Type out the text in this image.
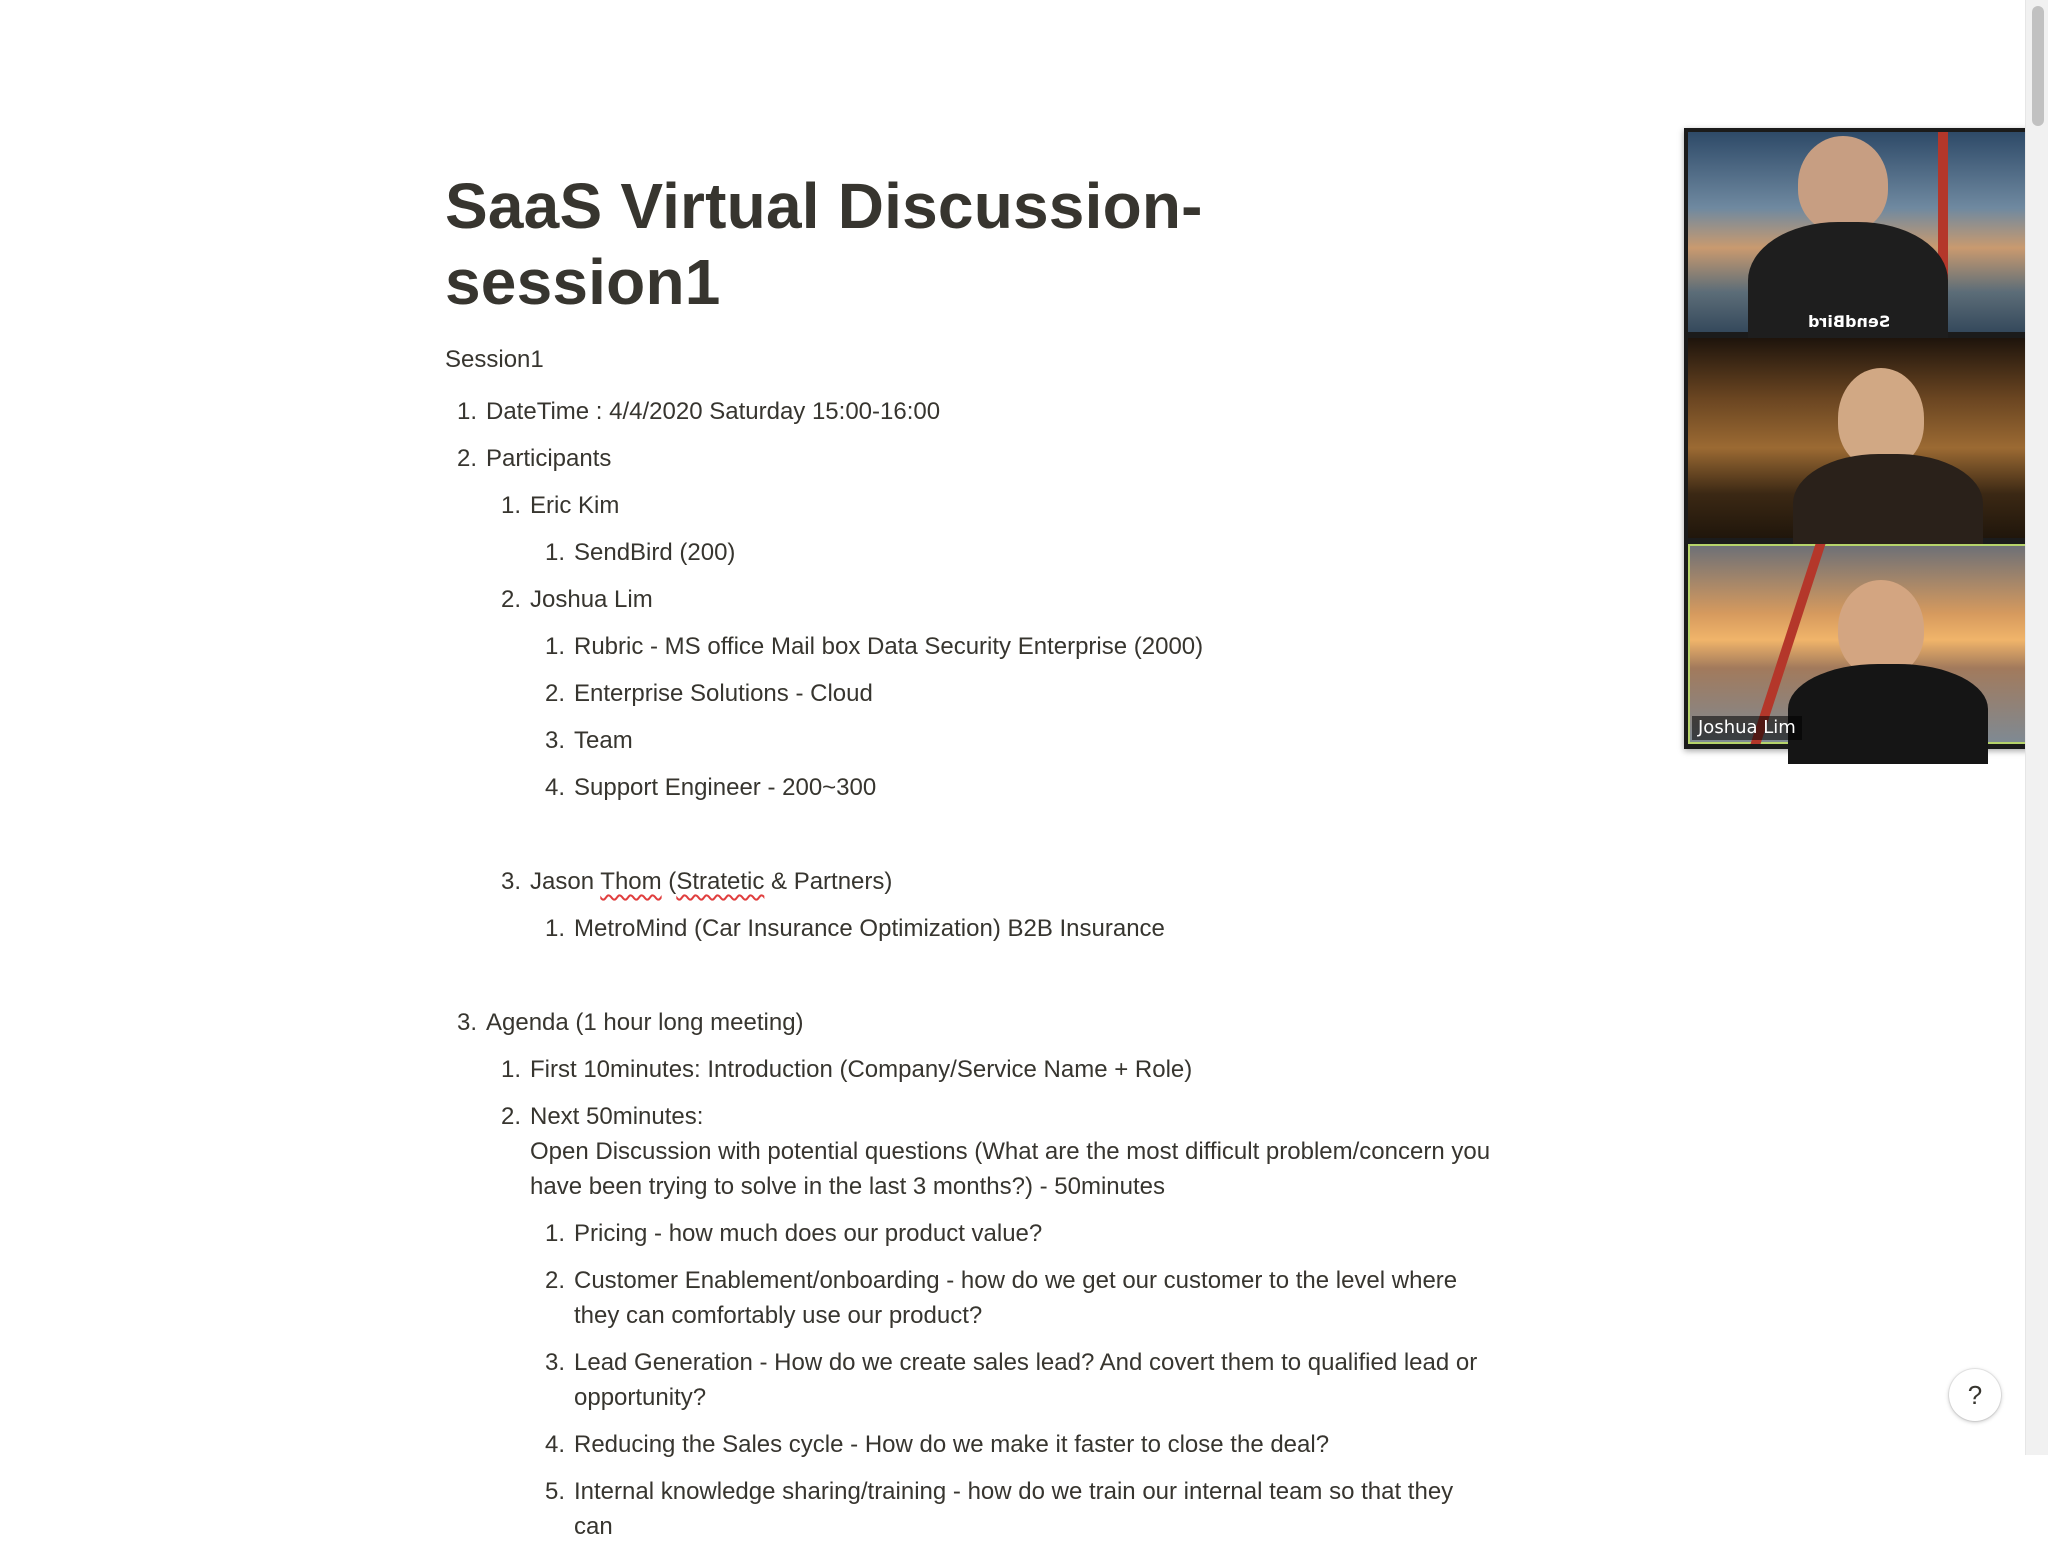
SaaS Virtual Discussion- session1
Session1
1. DateTime : 4/4/2020 Saturday 15:00-16:00
2. Participants
1. Eric Kim
1. SendBird (200)
2. Joshua Lim
1. Rubric - MS office Mail box Data Security Enterprise (2000)
2. Enterprise Solutions - Cloud
3. Team
4. Support Engineer - 200~300
3. Jason Thom (Stratetic & Partners)
1. MetroMind (Car Insurance Optimization) B2B Insurance
3. Agenda (1 hour long meeting)
1. First 10minutes: Introduction (Company/Service Name + Role)
2. Next 50minutes:
Open Discussion with potential questions (What are the most difficult problem/concern you have been trying to solve in the last 3 months?) - 50minutes
1. Pricing - how much does our product value?
2. Customer Enablement/onboarding - how do we get our customer to the level where they can comfortably use our product?
3. Lead Generation - How do we create sales lead? And covert them to qualified lead or opportunity?
4. Reducing the Sales cycle - How do we make it faster to close the deal?
5. Internal knowledge sharing/training - how do we train our internal team so that they can
SendBird
Joshua Lim
?
